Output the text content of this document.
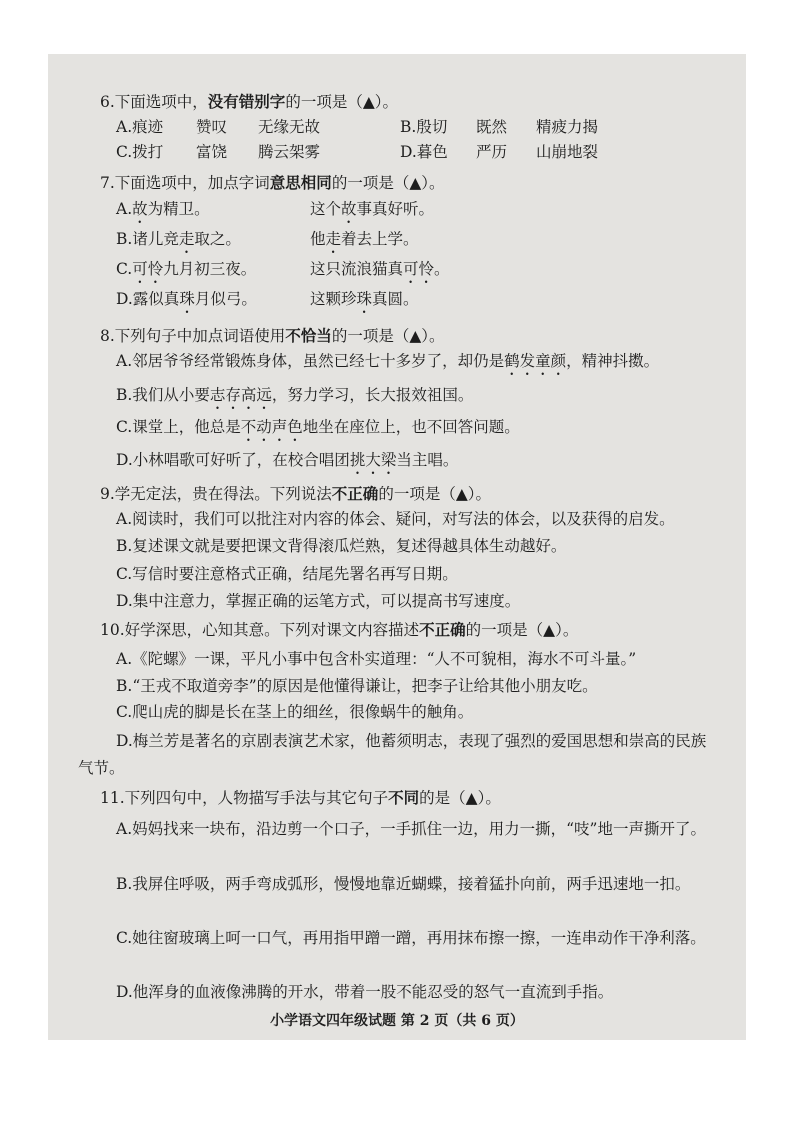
6.下面选项中，没有错别字的一项是（▲）。
A.痕迹 赞叹 无缘无故	B.殷切 既然 精疲力揭
C.拨打 富饶 腾云架雾	D.暮色 严历 山崩地裂
7.下面选项中，加点字词意思相同的一项是（▲）。
A.故为精卫。	这个故事真好听。
B.诸儿竞走取之。	他走着去上学。
C.可怜九月初三夜。	这只流浪猫真可怜。
D.露似真珠月似弓。	这颗珍珠真圆。
8.下列句子中加点词语使用不恰当的一项是（▲）。
A.邻居爷爷经常锻炼身体，虽然已经七十多岁了，却仍是鹤发童颜，精神抖擞。
B.我们从小要志存高远，努力学习，长大报效祖国。
C.课堂上，他总是不动声色地坐在座位上，也不回答问题。
D.小林唱歌可好听了，在校合唱团挑大梁当主唱。
9.学无定法，贵在得法。下列说法不正确的一项是（▲）。
A.阅读时，我们可以批注对内容的体会、疑问，对写法的体会，以及获得的启发。
B.复述课文就是要把课文背得滚瓜烂熟，复述得越具体生动越好。
C.写信时要注意格式正确，结尾先署名再写日期。
D.集中注意力，掌握正确的运笔方式，可以提高书写速度。
10.好学深思，心知其意。下列对课文内容描述不正确的一项是（▲）。
A.《陀螺》一课，平凡小事中包含朴实道理：“人不可貌相，海水不可斗量。”
B.“王戎不取道旁李”的原因是他懂得谦让，把李子让给其他小朋友吃。
C.爬山虎的脚是长在茎上的细丝，很像蜗牛的触角。
D.梅兰芳是著名的京剧表演艺术家，他蓄须明志，表现了强烈的爱国思想和崇高的民族气节。
11.下列四句中，人物描写手法与其它句子不同的是（▲）。
A.妈妈找来一块布，沿边剪一个口子，一手抓住一边，用力一撕，“吱”地一声撕开了。
B.我屏住呼吸，两手弯成弧形，慢慢地靠近蝴蝶，接着猛扑向前，两手迅速地一扣。
C.她往窗玻璃上呵一口气，再用指甲蹭一蹭，再用抹布擦一擦，一连串动作干净利落。
D.他浑身的血液像沸腾的开水，带着一股不能忍受的怒气一直流到手指。
小学语文四年级试题 第 2 页（共 6 页）
